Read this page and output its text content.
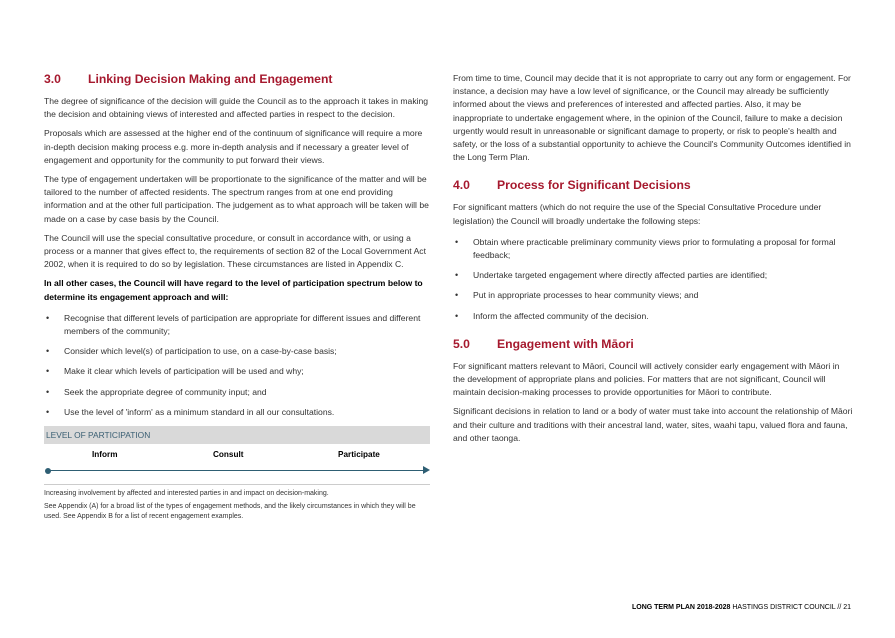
3.0	Linking Decision Making and Engagement

The degree of significance of the decision will guide the Council as to the approach it takes in making the decision and obtaining views of interested and affected parties in respect to the decision.

Proposals which are assessed at the higher end of the continuum of significance will require a more in-depth decision making process e.g. more in-depth analysis and if necessary a greater level of engagement and opportunity for the community to put forward their views.

The type of engagement undertaken will be proportionate to the significance of the matter and will be tailored to the number of affected residents. The spectrum ranges from at one end providing information and at the other full participation. The judgement as to what approach will be taken will be made on a case by case basis by the Council.

The Council will use the special consultative procedure, or consult in accordance with, or using a process or a manner that gives effect to, the requirements of section 82 of the Local Government Act 2002, when it is required to do so by legislation. These circumstances are listed in Appendix C.

In all other cases, the Council will have regard to the level of participation spectrum below to determine its engagement approach and will:

• Recognise that different levels of participation are appropriate for different issues and different members of the community;
• Consider which level(s) of participation to use, on a case-by-case basis;
• Make it clear which levels of participation will be used and why;
• Seek the appropriate degree of community input; and
• Use the level of 'inform' as a minimum standard in all our consultations.
LEVEL OF PARTICIPATION
Inform	Consult	Participate

Increasing involvement by affected and interested parties in and impact on decision-making.

See Appendix (A) for a broad list of the types of engagement methods, and the likely circumstances in which they will be used. See Appendix B for a list of recent engagement examples.

From time to time, Council may decide that it is not appropriate to carry out any form or engagement. For instance, a decision may have a low level of significance, or the Council may already be sufficiently informed about the views and preferences of interested and affected parties. Also, it may be inappropriate to undertake engagement where, in the opinion of the Council, failure to make a decision urgently would result in unreasonable or significant damage to property, or risk to people's health and safety, or the loss of a substantial opportunity to achieve the Council's Community Outcomes identified in the Long Term Plan.

4.0	Process for Significant Decisions

For significant matters (which do not require the use of the Special Consultative Procedure under legislation) the Council will broadly undertake the following steps:

• Obtain where practicable preliminary community views prior to formulating a proposal for formal feedback;
• Undertake targeted engagement where directly affected parties are identified;
• Put in appropriate processes to hear community views; and
• Inform the affected community of the decision.
5.0	Engagement with Māori

For significant matters relevant to Māori, Council will actively consider early engagement with Māori in the development of appropriate plans and policies. For matters that are not significant, Council will maintain decision-making processes to provide opportunities for Māori to contribute.

Significant decisions in relation to land or a body of water must take into account the relationship of Māori and their culture and traditions with their ancestral land, water, sites, waahi tapu, valued flora and fauna, and other taonga.

LONG TERM PLAN 2018-2028 HASTINGS DISTRICT COUNCIL // 21
